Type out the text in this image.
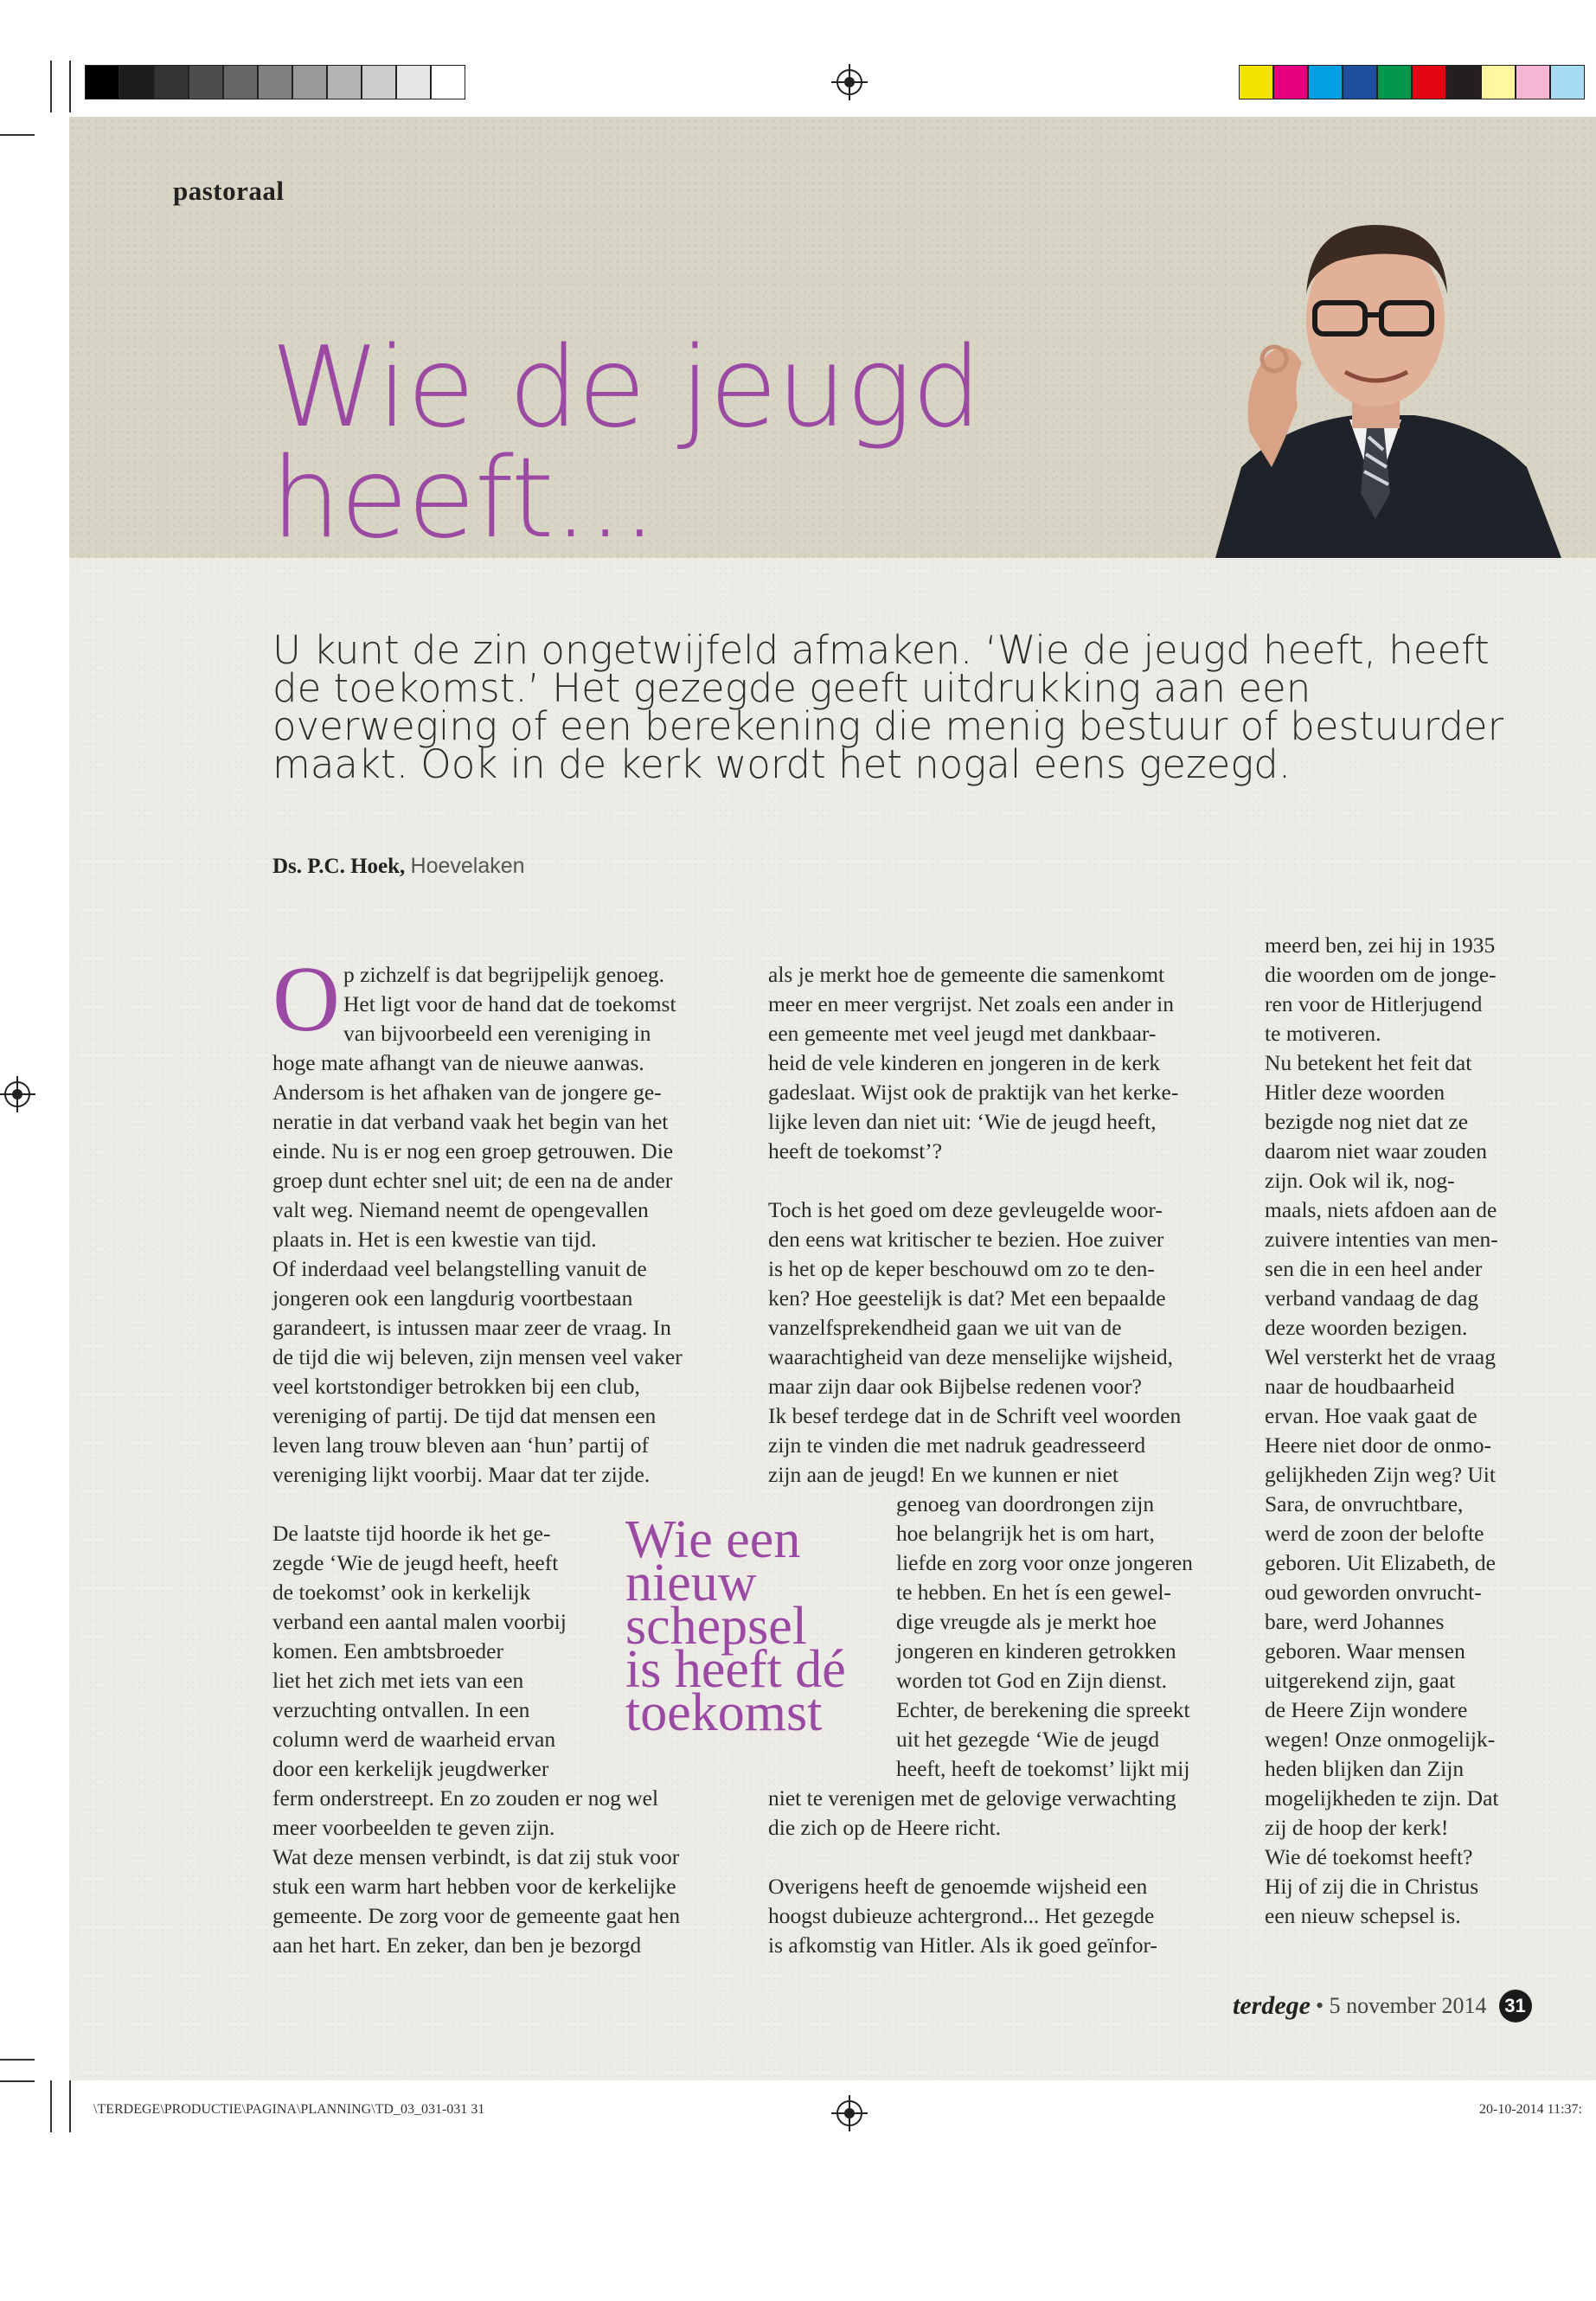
pastoraal
Wie de jeugd
heeft...

U kunt de zin ongetwijfeld afmaken. ‘Wie de jeugd heeft, heeft de toekomst.’ Het gezegde geeft uitdrukking aan een overweging of een berekening die menig bestuur of bestuurder maakt. Ook in de kerk wordt het nogal eens gezegd.

Ds. P.C. Hoek, Hoevelaken
O p zichzelf is dat begrijpelijk genoeg.

Het ligt voor de hand dat de toekomst

van bijvoorbeeld een vereniging in

hoge mate afhangt van de nieuwe aanwas.

Andersom is het afhaken van de jongere ge-

neratie in dat verband vaak het begin van het

einde. Nu is er nog een groep getrouwen. Die

groep dunt echter snel uit; de een na de ander

valt weg. Niemand neemt de opengevallen

plaats in. Het is een kwestie van tijd.

Of inderdaad veel belangstelling vanuit de

jongeren ook een langdurig voortbestaan

garandeert, is intussen maar zeer de vraag. In

de tijd die wij beleven, zijn mensen veel vaker

veel kortstondiger betrokken bij een club,

vereniging of partij. De tijd dat mensen een

leven lang trouw bleven aan ‘hun’ partij of

vereniging lijkt voorbij. Maar dat ter zijde.

De laatste tijd hoorde ik het ge-

zegde ‘Wie de jeugd heeft, heeft

de toekomst’ ook in kerkelijk

verband een aantal malen voorbij

komen. Een ambtsbroeder

liet het zich met iets van een

verzuchting ontvallen. In een

column werd de waarheid ervan

door een kerkelijk jeugdwerker

ferm onderstreept. En zo zouden er nog wel

meer voorbeelden te geven zijn.

Wat deze mensen verbindt, is dat zij stuk voor

stuk een warm hart hebben voor de kerkelijke

gemeente. De zorg voor de gemeente gaat hen

aan het hart. En zeker, dan ben je bezorgd

Wie een
nieuw
schepsel
is heeft dé
toekomst

als je merkt hoe de gemeente die samenkomt

meer en meer vergrijst. Net zoals een ander in

een gemeente met veel jeugd met dankbaar-

heid de vele kinderen en jongeren in de kerk

gadeslaat. Wijst ook de praktijk van het kerke-

lijke leven dan niet uit: ‘Wie de jeugd heeft,

heeft de toekomst’?

Toch is het goed om deze gevleugelde woor-

den eens wat kritischer te bezien. Hoe zuiver

is het op de keper beschouwd om zo te den-

ken? Hoe geestelijk is dat? Met een bepaalde

vanzelfsprekendheid gaan we uit van de

waarachtigheid van deze menselijke wijsheid,

maar zijn daar ook Bijbelse redenen voor?

Ik besef terdege dat in de Schrift veel woorden

zijn te vinden die met nadruk geadresseerd

zijn aan de jeugd! En we kunnen er niet

genoeg van doordrongen zijn

hoe belangrijk het is om hart,

liefde en zorg voor onze jongeren

te hebben. En het ís een gewel-

dige vreugde als je merkt hoe

jongeren en kinderen getrokken

worden tot God en Zijn dienst.

Echter, de berekening die spreekt

uit het gezegde ‘Wie de jeugd

heeft, heeft de toekomst’ lijkt mij

niet te verenigen met de gelovige verwachting

die zich op de Heere richt.

Overigens heeft de genoemde wijsheid een

hoogst dubieuze achtergrond... Het gezegde

is afkomstig van Hitler. Als ik goed geïnfor-

meerd ben, zei hij in 1935

die woorden om de jonge-

ren voor de Hitlerjugend

te motiveren.

Nu betekent het feit dat

Hitler deze woorden

bezigde nog niet dat ze

daarom niet waar zouden

zijn. Ook wil ik, nog-

maals, niets afdoen aan de

zuivere intenties van men-

sen die in een heel ander

verband vandaag de dag

deze woorden bezigen.

Wel versterkt het de vraag

naar de houdbaarheid

ervan. Hoe vaak gaat de

Heere niet door de onmo-

gelijkheden Zijn weg? Uit

Sara, de onvruchtbare,

werd de zoon der belofte

geboren. Uit Elizabeth, de

oud geworden onvrucht-

bare, werd Johannes

geboren. Waar mensen

uitgerekend zijn, gaat

de Heere Zijn wondere

wegen! Onze onmogelijk-

heden blijken dan Zijn

mogelijkheden te zijn. Dat

zij de hoop der kerk!

Wie dé toekomst heeft?

Hij of zij die in Christus

een nieuw schepsel is.

terdege • 5 november 2014 31
\TERDEGE\PRODUCTIE\PAGINA\PLANNING\TD_03_031-031 31	20-10-2014 11:37:
